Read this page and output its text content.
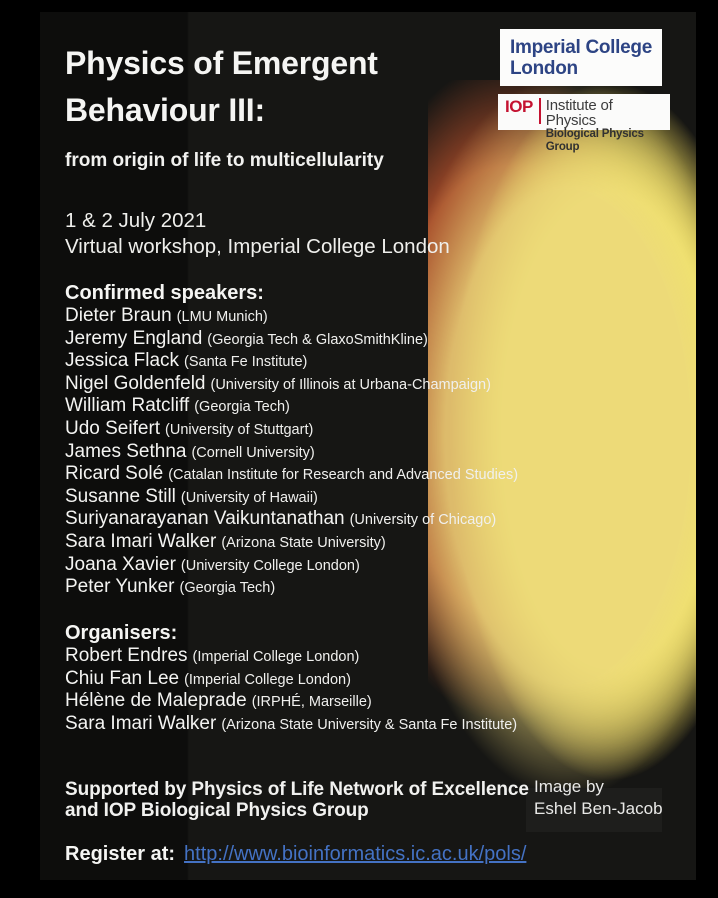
Physics of Emergent
Behaviour III:
from origin of life to multicellularity
1 & 2 July 2021
Virtual workshop, Imperial College London
Confirmed speakers:
Dieter Braun (LMU Munich)
Jeremy England (Georgia Tech & GlaxoSmithKline)
Jessica Flack (Santa Fe Institute)
Nigel Goldenfeld (University of Illinois at Urbana-Champaign)
William Ratcliff (Georgia Tech)
Udo Seifert (University of Stuttgart)
James Sethna (Cornell University)
Ricard Solé (Catalan Institute for Research and Advanced Studies)
Susanne Still (University of Hawaii)
Suriyanarayanan Vaikuntanathan (University of Chicago)
Sara Imari Walker (Arizona State University)
Joana Xavier (University College London)
Peter Yunker (Georgia Tech)
Organisers:
Robert Endres (Imperial College London)
Chiu Fan Lee (Imperial College London)
Hélène de Maleprade (IRPHÉ, Marseille)
Sara Imari Walker (Arizona State University & Santa Fe Institute)
Supported by Physics of Life Network of Excellence
and IOP Biological Physics Group
Image by
Eshel Ben-Jacob
Register at: http://www.bioinformatics.ic.ac.uk/pols/
Imperial College
London
IOP Institute of Physics
Biological Physics Group
